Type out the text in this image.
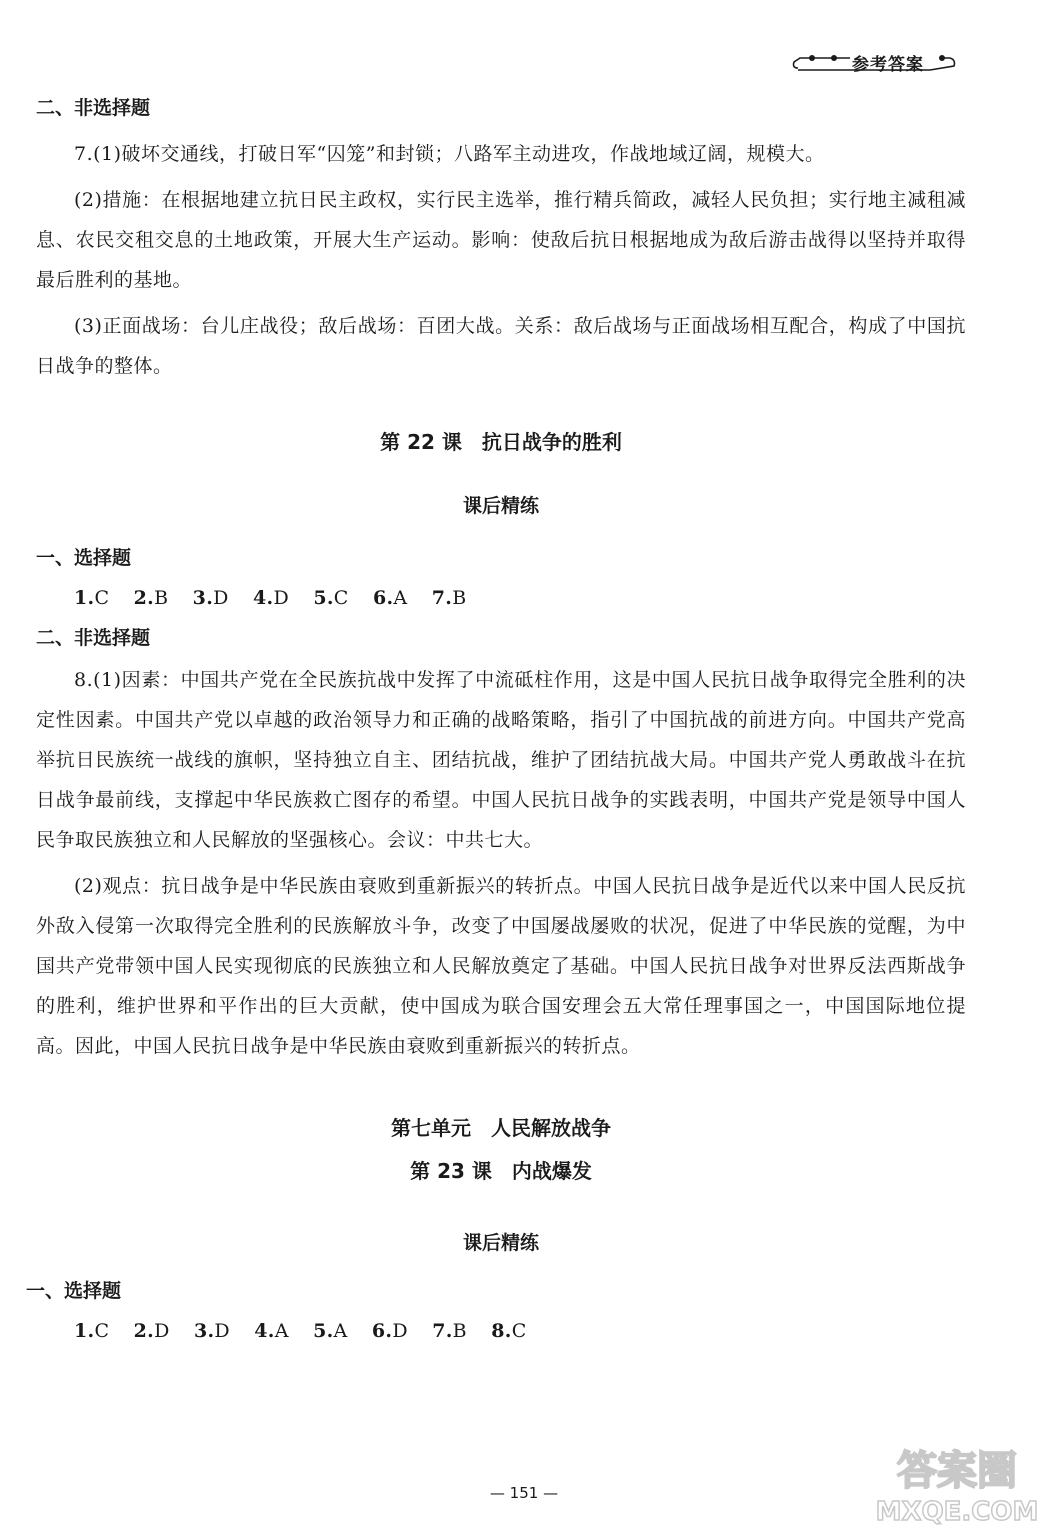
参考答案

二、非选择题

7.(1)破坏交通线，打破日军“囚笼”和封锁；八路军主动进攻，作战地域辽阔，规模大。

(2)措施：在根据地建立抗日民主政权，实行民主选举，推行精兵简政，减轻人民负担；实行地主减租减息、农民交租交息的土地政策，开展大生产运动。影响：使敌后抗日根据地成为敌后游击战得以坚持并取得最后胜利的基地。

(3)正面战场：台儿庄战役；敌后战场：百团大战。关系：敌后战场与正面战场相互配合，构成了中国抗日战争的整体。

第 22 课　抗日战争的胜利

课后精练

一、选择题

1.C 2.B 3.D 4.D 5.C 6.A 7.B

二、非选择题

8.(1)因素：中国共产党在全民族抗战中发挥了中流砥柱作用，这是中国人民抗日战争取得完全胜利的决定性因素。中国共产党以卓越的政治领导力和正确的战略策略，指引了中国抗战的前进方向。中国共产党高举抗日民族统一战线的旗帜，坚持独立自主、团结抗战，维护了团结抗战大局。中国共产党人勇敢战斗在抗日战争最前线，支撑起中华民族救亡图存的希望。中国人民抗日战争的实践表明，中国共产党是领导中国人民争取民族独立和人民解放的坚强核心。会议：中共七大。

(2)观点：抗日战争是中华民族由衰败到重新振兴的转折点。中国人民抗日战争是近代以来中国人民反抗外敌入侵第一次取得完全胜利的民族解放斗争，改变了中国屡战屡败的状况，促进了中华民族的觉醒，为中国共产党带领中国人民实现彻底的民族独立和人民解放奠定了基础。中国人民抗日战争对世界反法西斯战争的胜利，维护世界和平作出的巨大贡献，使中国成为联合国安理会五大常任理事国之一，中国国际地位提高。因此，中国人民抗日战争是中华民族由衰败到重新振兴的转折点。

第七单元　人民解放战争

第 23 课　内战爆发

课后精练

一、选择题

1.C 2.D 3.D 4.A 5.A 6.D 7.B 8.C

— 151 —	答案圈
MXQE.COM
